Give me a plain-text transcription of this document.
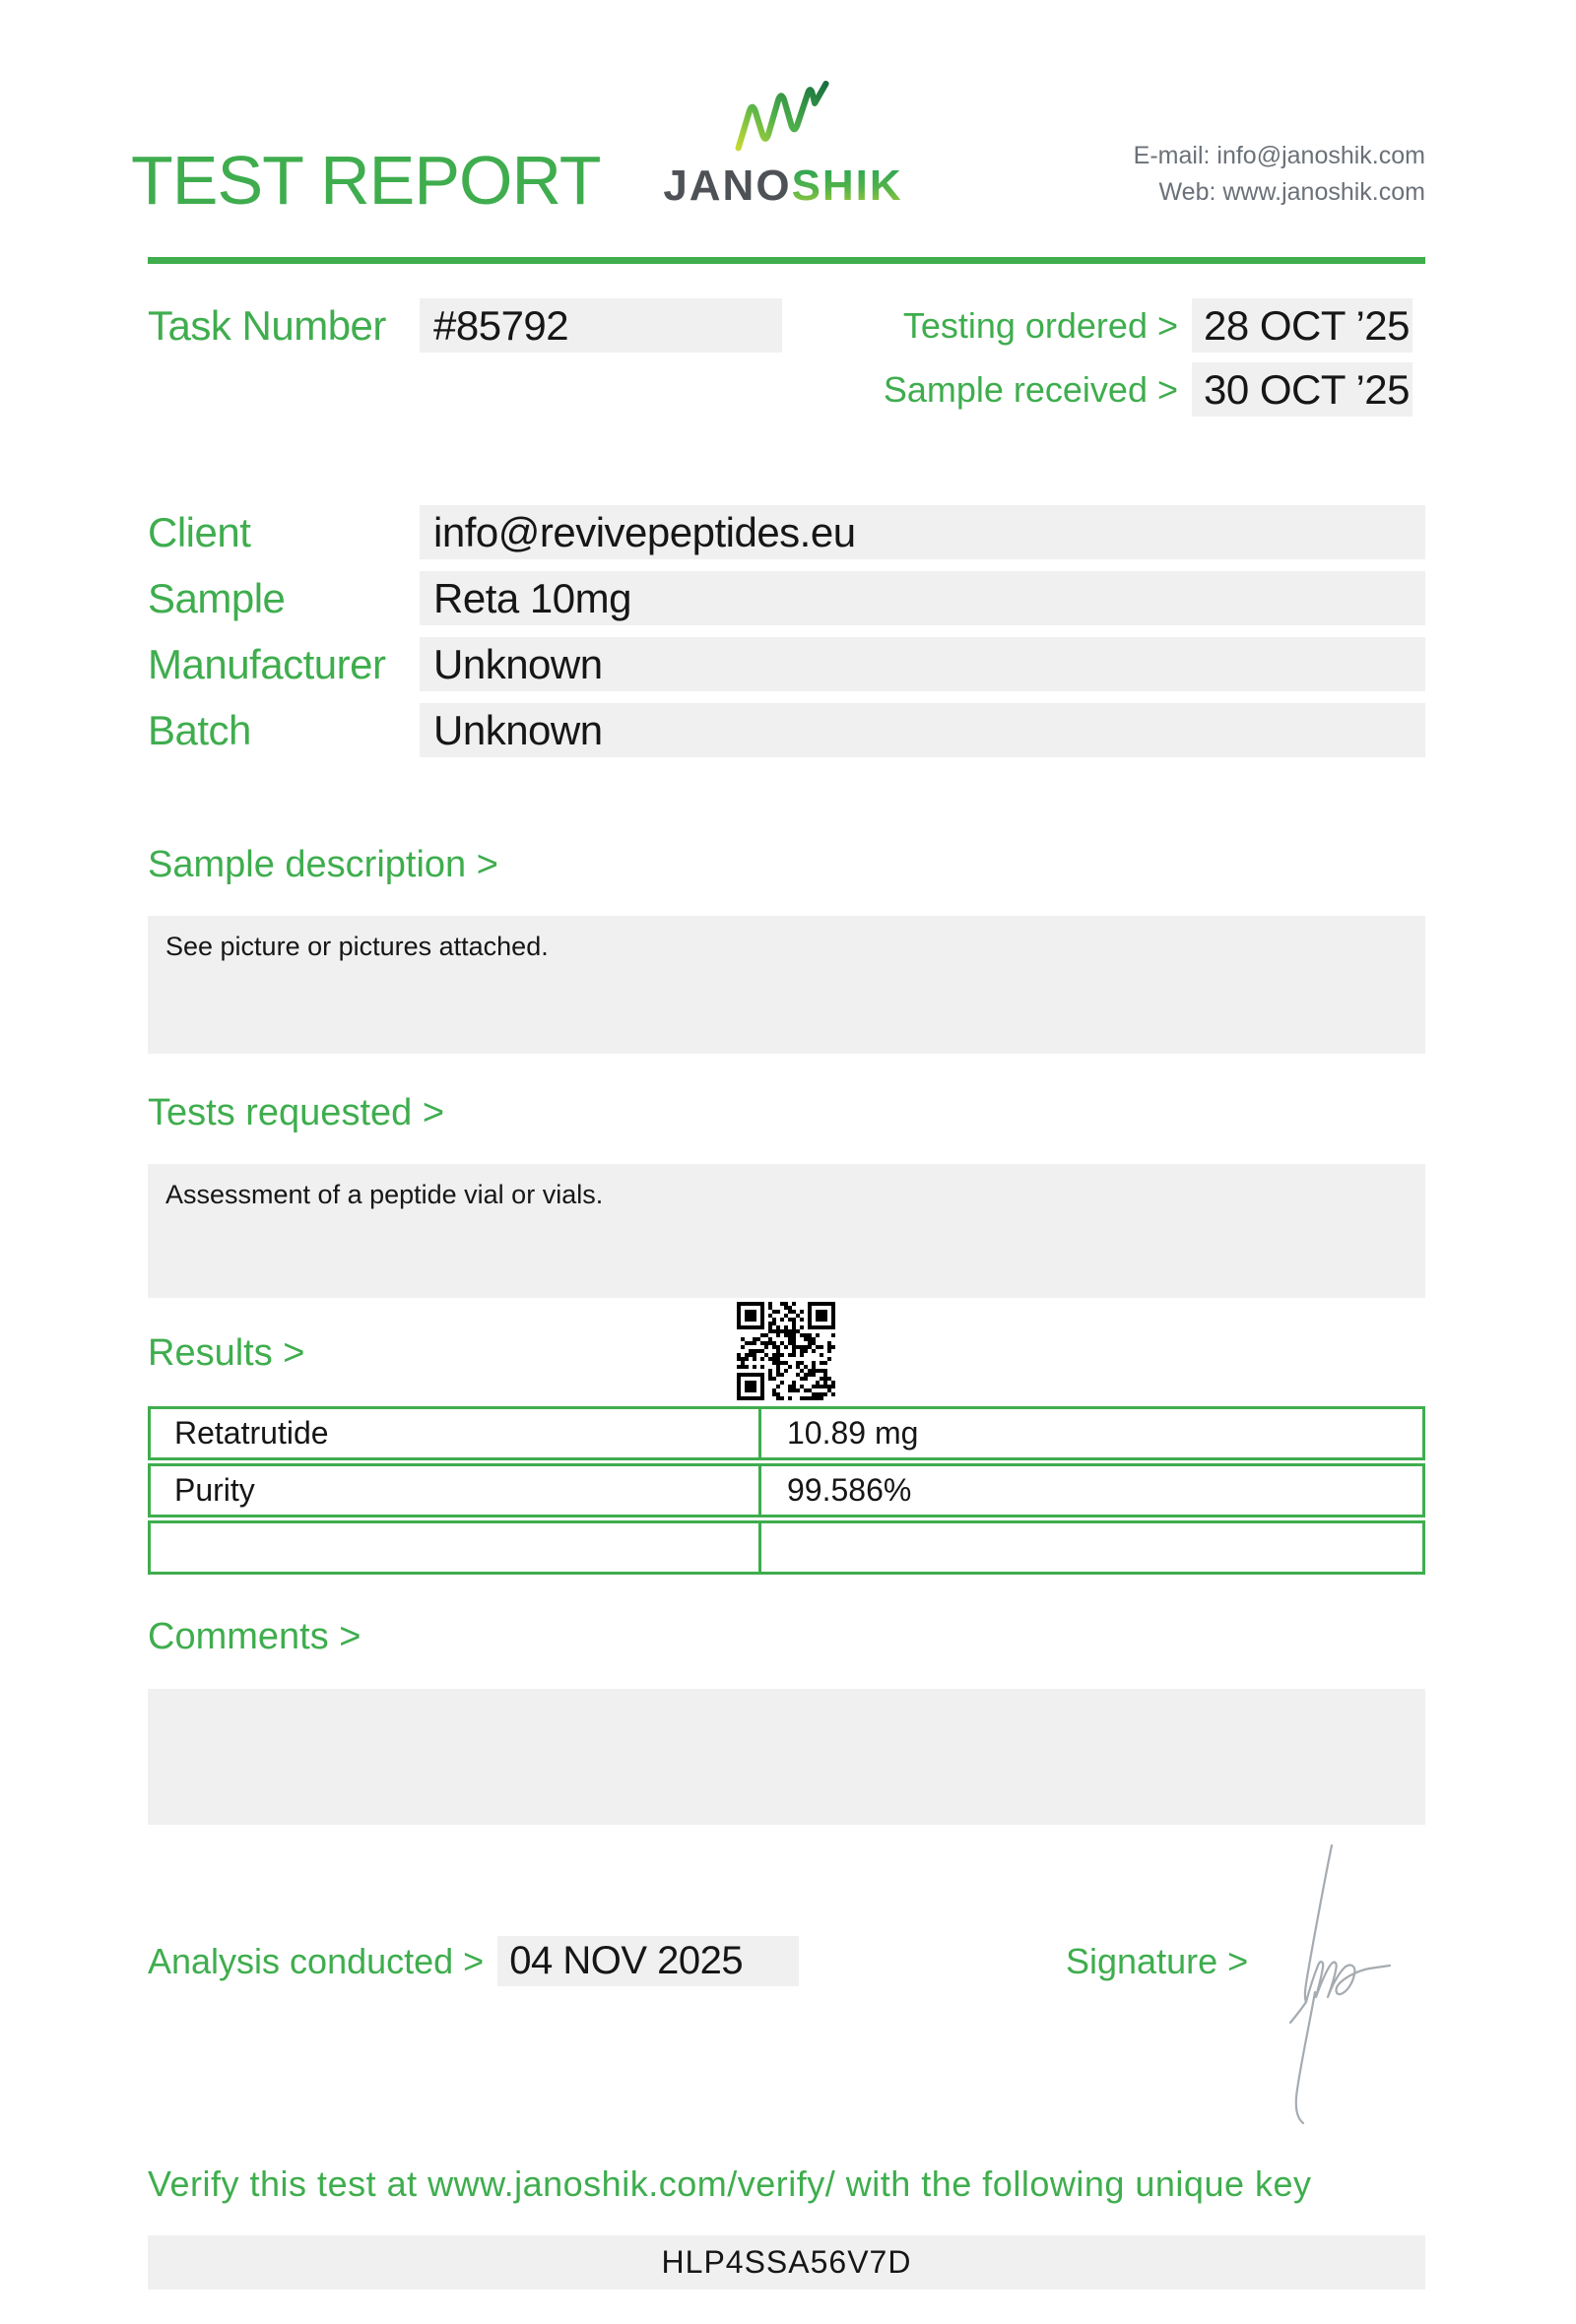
TEST REPORT	JANOSHIK
E-mail: info@janoshik.com
Web: www.janoshik.com
Task Number	#85792	Testing ordered > 28 OCT ’25
Sample received > 30 OCT ’25
Client	info@revivepeptides.eu
Sample	Reta 10mg
Manufacturer	Unknown
Batch	Unknown
Sample description >
See picture or pictures attached.
Tests requested >
Assessment of a peptide vial or vials.
Results >
Retatrutide	10.89 mg
Purity	99.586%
Comments >
Analysis conducted > 04 NOV 2025	Signature >
Verify this test at www.janoshik.com/verify/ with the following unique key
HLP4SSA56V7D
